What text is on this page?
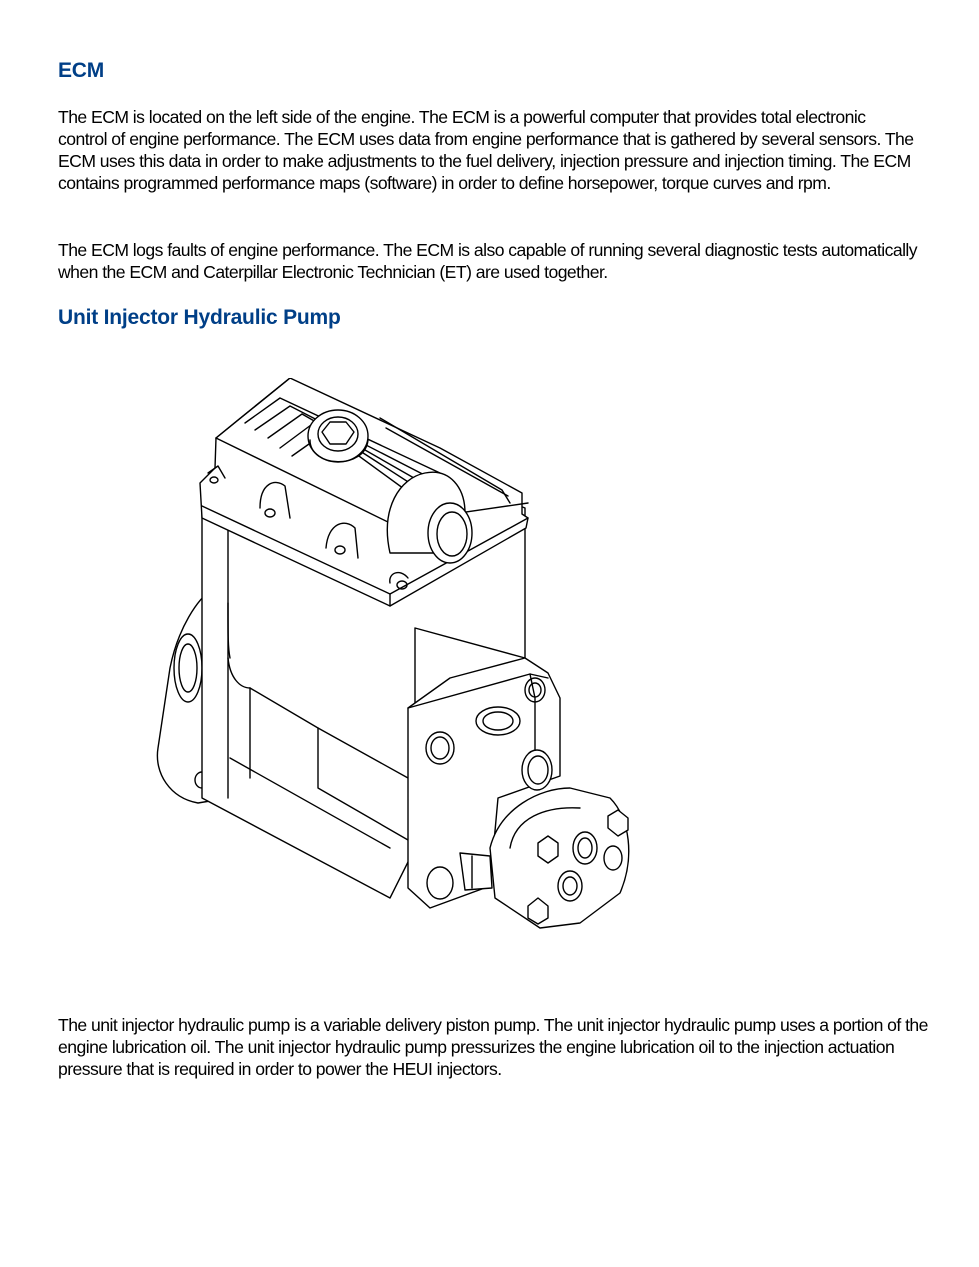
ECM

The ECM is located on the left side of the engine. The ECM is a powerful computer that provides total electronic control of engine performance. The ECM uses data from engine performance that is gathered by several sensors. The ECM uses this data in order to make adjustments to the fuel delivery, injection pressure and injection timing. The ECM contains programmed performance maps (software) in order to define horsepower, torque curves and rpm.

The ECM logs faults of engine performance. The ECM is also capable of running several diagnostic tests automatically when the ECM and Caterpillar Electronic Technician (ET) are used together.

Unit Injector Hydraulic Pump

The unit injector hydraulic pump is a variable delivery piston pump. The unit injector hydraulic pump uses a portion of the engine lubrication oil. The unit injector hydraulic pump pressurizes the engine lubrication oil to the injection actuation pressure that is required in order to power the HEUI injectors.
